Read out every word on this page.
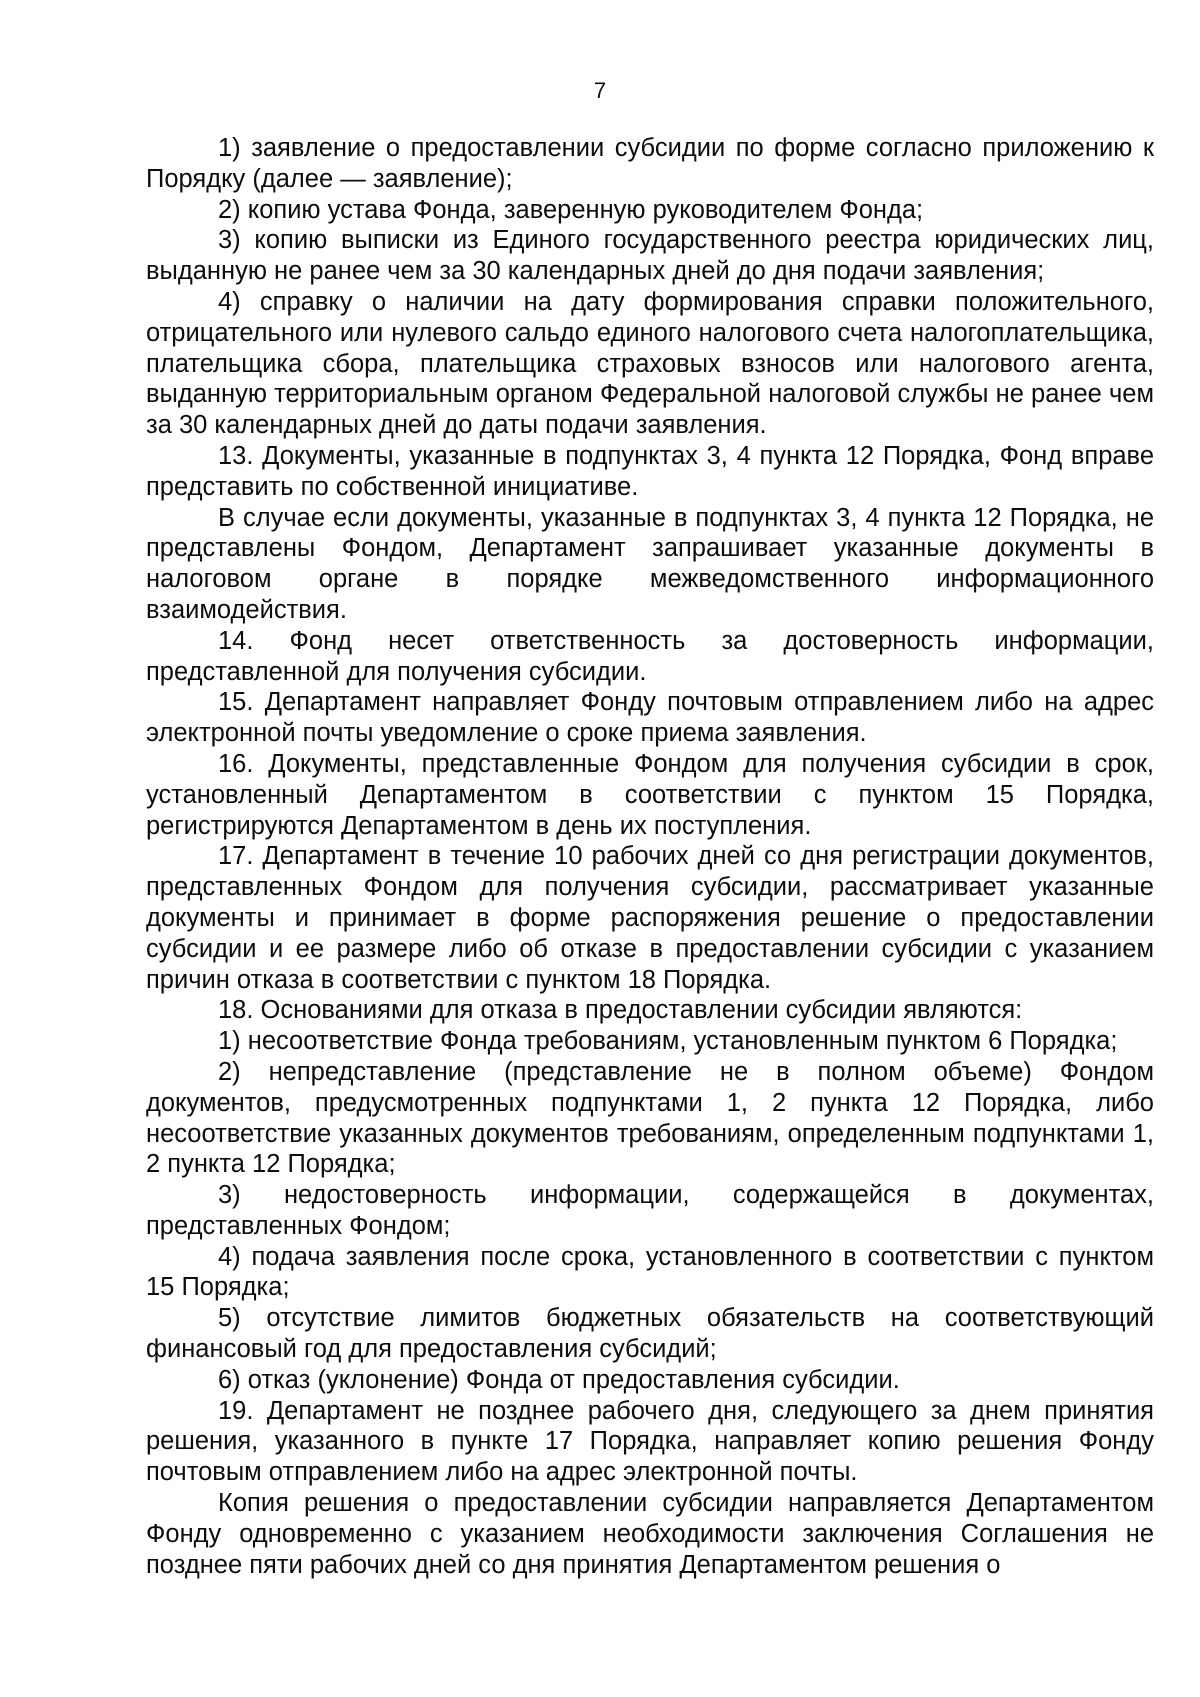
7

1) заявление о предоставлении субсидии по форме согласно приложению к Порядку (далее — заявление);

2) копию устава Фонда, заверенную руководителем Фонда;

3) копию выписки из Единого государственного реестра юридических лиц, выданную не ранее чем за 30 календарных дней до дня подачи заявления;

4) справку о наличии на дату формирования справки положительного, отрицательного или нулевого сальдо единого налогового счета налогоплательщика, плательщика сбора, плательщика страховых взносов или налогового агента, выданную территориальным органом Федеральной налоговой службы не ранее чем за 30 календарных дней до даты подачи заявления.

13. Документы, указанные в подпунктах 3, 4 пункта 12 Порядка, Фонд вправе представить по собственной инициативе.

В случае если документы, указанные в подпунктах 3, 4 пункта 12 Порядка, не представлены Фондом, Департамент запрашивает указанные документы в налоговом органе в порядке межведомственного информационного взаимодействия.

14. Фонд несет ответственность за достоверность информации, представленной для получения субсидии.

15. Департамент направляет Фонду почтовым отправлением либо на адрес электронной почты уведомление о сроке приема заявления.

16. Документы, представленные Фондом для получения субсидии в срок, установленный Департаментом в соответствии с пунктом 15 Порядка, регистрируются Департаментом в день их поступления.

17. Департамент в течение 10 рабочих дней со дня регистрации документов, представленных Фондом для получения субсидии, рассматривает указанные документы и принимает в форме распоряжения решение о предоставлении субсидии и ее размере либо об отказе в предоставлении субсидии с указанием причин отказа в соответствии с пунктом 18 Порядка.

18. Основаниями для отказа в предоставлении субсидии являются:

1) несоответствие Фонда требованиям, установленным пунктом 6 Порядка;

2) непредставление (представление не в полном объеме) Фондом документов, предусмотренных подпунктами 1, 2 пункта 12 Порядка, либо несоответствие указанных документов требованиям, определенным подпунктами 1, 2 пункта 12 Порядка;

3) недостоверность информации, содержащейся в документах, представленных Фондом;

4) подача заявления после срока, установленного в соответствии с пунктом 15 Порядка;

5) отсутствие лимитов бюджетных обязательств на соответствующий финансовый год для предоставления субсидий;

6) отказ (уклонение) Фонда от предоставления субсидии.

19. Департамент не позднее рабочего дня, следующего за днем принятия решения, указанного в пункте 17 Порядка, направляет копию решения Фонду почтовым отправлением либо на адрес электронной почты.

Копия решения о предоставлении субсидии направляется Департаментом Фонду одновременно с указанием необходимости заключения Соглашения не позднее пяти рабочих дней со дня принятия Департаментом решения о
